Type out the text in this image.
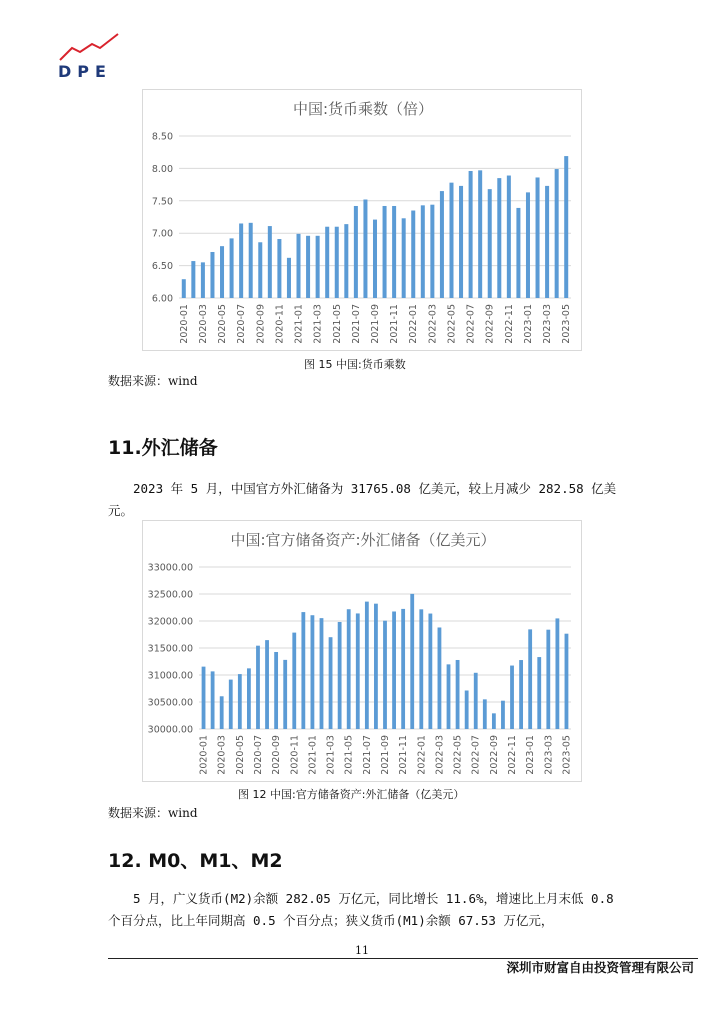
DPE
中国:货币乘数（倍）
6.00
6.50
7.00
7.50
8.00
8.50
2020-01 2020-03 2020-05 2020-07 2020-09 2020-11 2021-01 2021-03 2021-05 2021-07 2021-09 2021-11 2022-01 2022-03 2022-05 2022-07 2022-09 2022-11 2023-01 2023-03 2023-05
图 15 中国:货币乘数
数据来源：wind
11.外汇储备
2023 年 5 月，中国官方外汇储备为 31765.08 亿美元，较上月减少 282.58 亿美元。
中国:官方储备资产:外汇储备（亿美元）
30000.00
30500.00
31000.00
31500.00
32000.00
32500.00
33000.00
2020-01 2020-03 2020-05 2020-07 2020-09 2020-11 2021-01 2021-03 2021-05 2021-07 2021-09 2021-11 2022-01 2022-03 2022-05 2022-07 2022-09 2022-11 2023-01 2023-03 2023-05
图 12 中国:官方储备资产:外汇储备（亿美元）
数据来源：wind
12. M0、M1、M2
5 月，广义货币(M2)余额 282.05 万亿元，同比增长 11.6%，增速比上月末低 0.8 个百分点，比上年同期高 0.5 个百分点；狭义货币(M1)余额 67.53 万亿元，
11
深圳市财富自由投资管理有限公司
